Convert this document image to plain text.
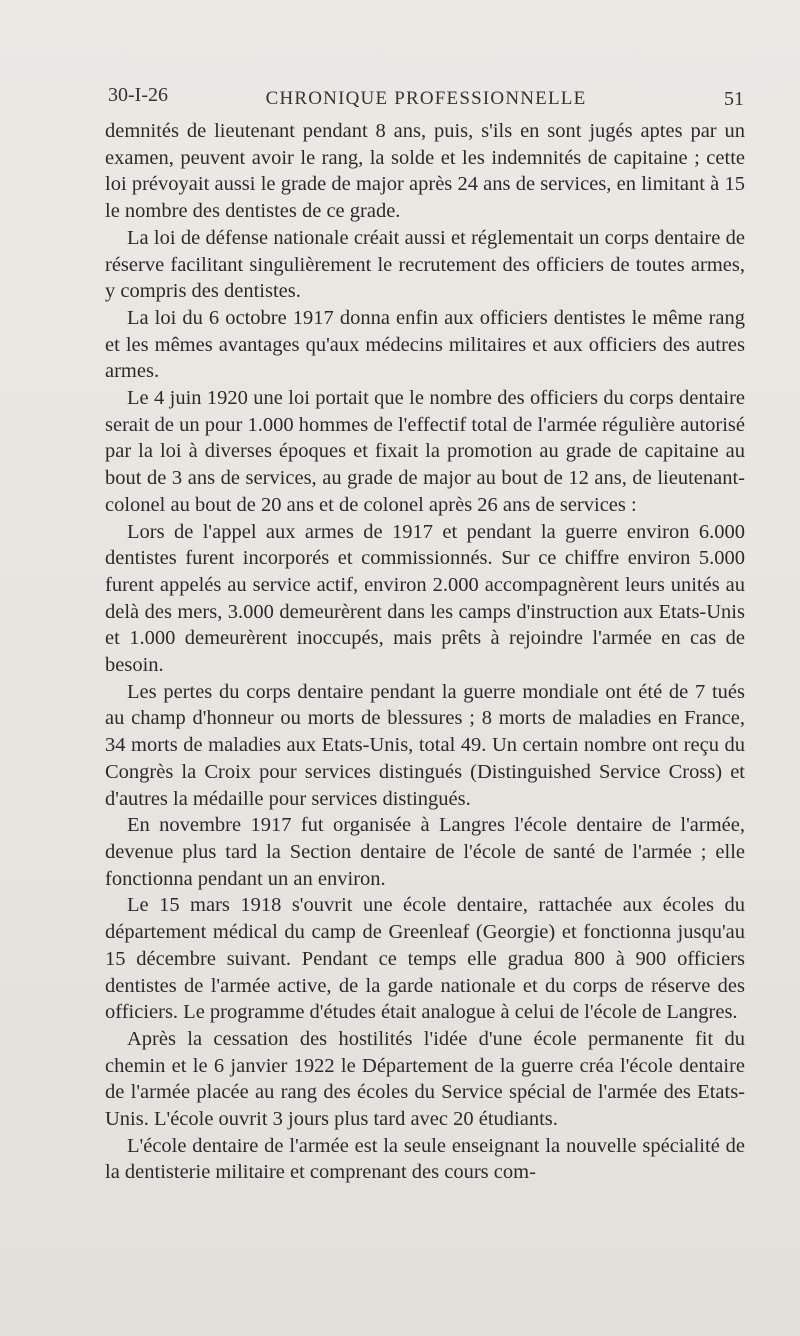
30-I-26	CHRONIQUE PROFESSIONNELLE	51

demnités de lieutenant pendant 8 ans, puis, s'ils en sont jugés aptes par un examen, peuvent avoir le rang, la solde et les indemnités de capitaine ; cette loi prévoyait aussi le grade de major après 24 ans de services, en limitant à 15 le nombre des dentistes de ce grade.

La loi de défense nationale créait aussi et réglementait un corps dentaire de réserve facilitant singulièrement le recrutement des officiers de toutes armes, y compris des dentistes.

La loi du 6 octobre 1917 donna enfin aux officiers dentistes le même rang et les mêmes avantages qu'aux médecins militaires et aux officiers des autres armes.

Le 4 juin 1920 une loi portait que le nombre des officiers du corps dentaire serait de un pour 1.000 hommes de l'effectif total de l'armée régulière autorisé par la loi à diverses époques et fixait la promotion au grade de capitaine au bout de 3 ans de services, au grade de major au bout de 12 ans, de lieutenant-colonel au bout de 20 ans et de colonel après 26 ans de services :

Lors de l'appel aux armes de 1917 et pendant la guerre environ 6.000 dentistes furent incorporés et commissionnés. Sur ce chiffre environ 5.000 furent appelés au service actif, environ 2.000 accompagnèrent leurs unités au delà des mers, 3.000 demeurèrent dans les camps d'instruction aux Etats-Unis et 1.000 demeurèrent inoccupés, mais prêts à rejoindre l'armée en cas de besoin.

Les pertes du corps dentaire pendant la guerre mondiale ont été de 7 tués au champ d'honneur ou morts de blessures ; 8 morts de maladies en France, 34 morts de maladies aux Etats-Unis, total 49. Un certain nombre ont reçu du Congrès la Croix pour services distingués (Distinguished Service Cross) et d'autres la médaille pour services distingués.

En novembre 1917 fut organisée à Langres l'école dentaire de l'armée, devenue plus tard la Section dentaire de l'école de santé de l'armée ; elle fonctionna pendant un an environ.

Le 15 mars 1918 s'ouvrit une école dentaire, rattachée aux écoles du département médical du camp de Greenleaf (Georgie) et fonctionna jusqu'au 15 décembre suivant. Pendant ce temps elle gradua 800 à 900 officiers dentistes de l'armée active, de la garde nationale et du corps de réserve des officiers. Le programme d'études était analogue à celui de l'école de Langres.

Après la cessation des hostilités l'idée d'une école permanente fit du chemin et le 6 janvier 1922 le Département de la guerre créa l'école dentaire de l'armée placée au rang des écoles du Service spécial de l'armée des Etats-Unis. L'école ouvrit 3 jours plus tard avec 20 étudiants.

L'école dentaire de l'armée est la seule enseignant la nouvelle spécialité de la dentisterie militaire et comprenant des cours com-
